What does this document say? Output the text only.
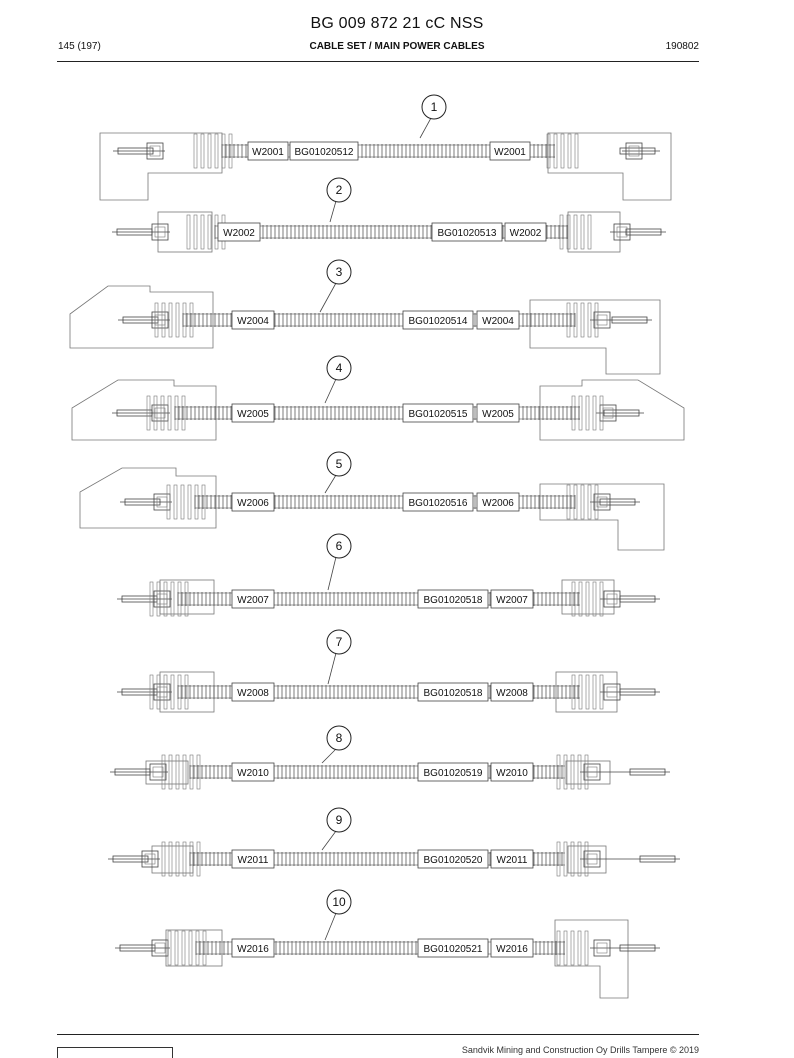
BG 009 872 21 cC NSS
145 (197)	CABLE SET / MAIN POWER CABLES	190802
W2001 BG01020512	W2001
1
W2002	BG01020513 W2002
2
W2004	BG01020514 W2004
3
W2005	BG01020515 W2005
4
W2006	BG01020516 W2006
5
W2007	BG01020518 W2007
6
W2008	BG01020518 W2008
7
W2010	BG01020519 W2010
8
W2011	BG01020520 W2011
9
W2016	BG01020521 W2016
10
Sandvik Mining and Construction Oy Drills Tampere © 2019
